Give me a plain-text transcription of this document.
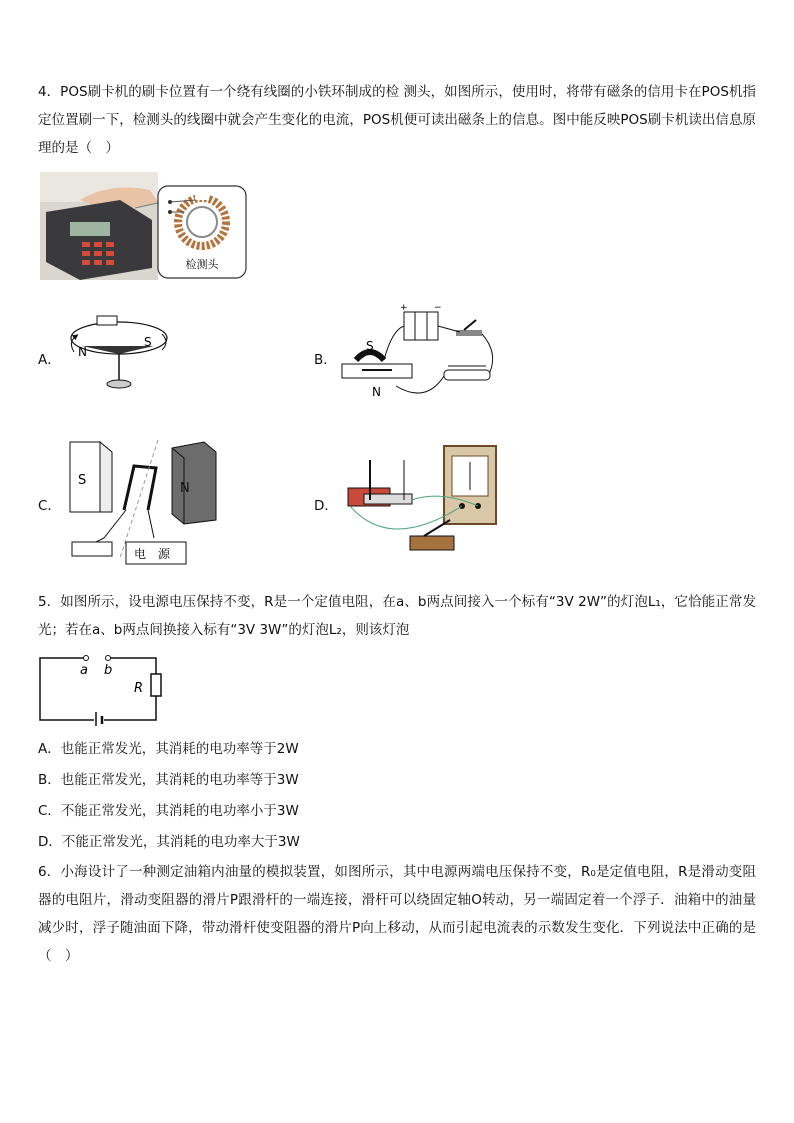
4．POS刷卡机的刷卡位置有一个绕有线圈的小铁环制成的检 测头，如图所示，使用时，将带有磁条的信用卡在POS机指定位置刷一下，检测头的线圈中就会产生变化的电流，POS机便可读出磁条上的信息。图中能反映POS刷卡机读出信息原理的是（　）
检测头
A． N
S
B．
+	−
S
N
C．
S
N
电　源
D．
5．如图所示，设电源电压保持不变，R是一个定值电阻，在a、b两点间接入一个标有“3V 2W”的灯泡L₁，它恰能正常发光；若在a、b两点间换接入标有“3V 3W”的灯泡L₂，则该灯泡
a b
R
A．也能正常发光，其消耗的电功率等于2W
B．也能正常发光，其消耗的电功率等于3W
C．不能正常发光，其消耗的电功率小于3W
D．不能正常发光，其消耗的电功率大于3W
6．小海设计了一种测定油箱内油量的模拟装置，如图所示，其中电源两端电压保持不变，R₀是定值电阻，R是滑动变阻器的电阻片，滑动变阻器的滑片P跟滑杆的一端连接，滑杆可以绕固定轴O转动，另一端固定着一个浮子．油箱中的油量减少时，浮子随油面下降，带动滑杆使变阻器的滑片P向上移动，从而引起电流表的示数发生变化．下列说法中正确的是（　）
